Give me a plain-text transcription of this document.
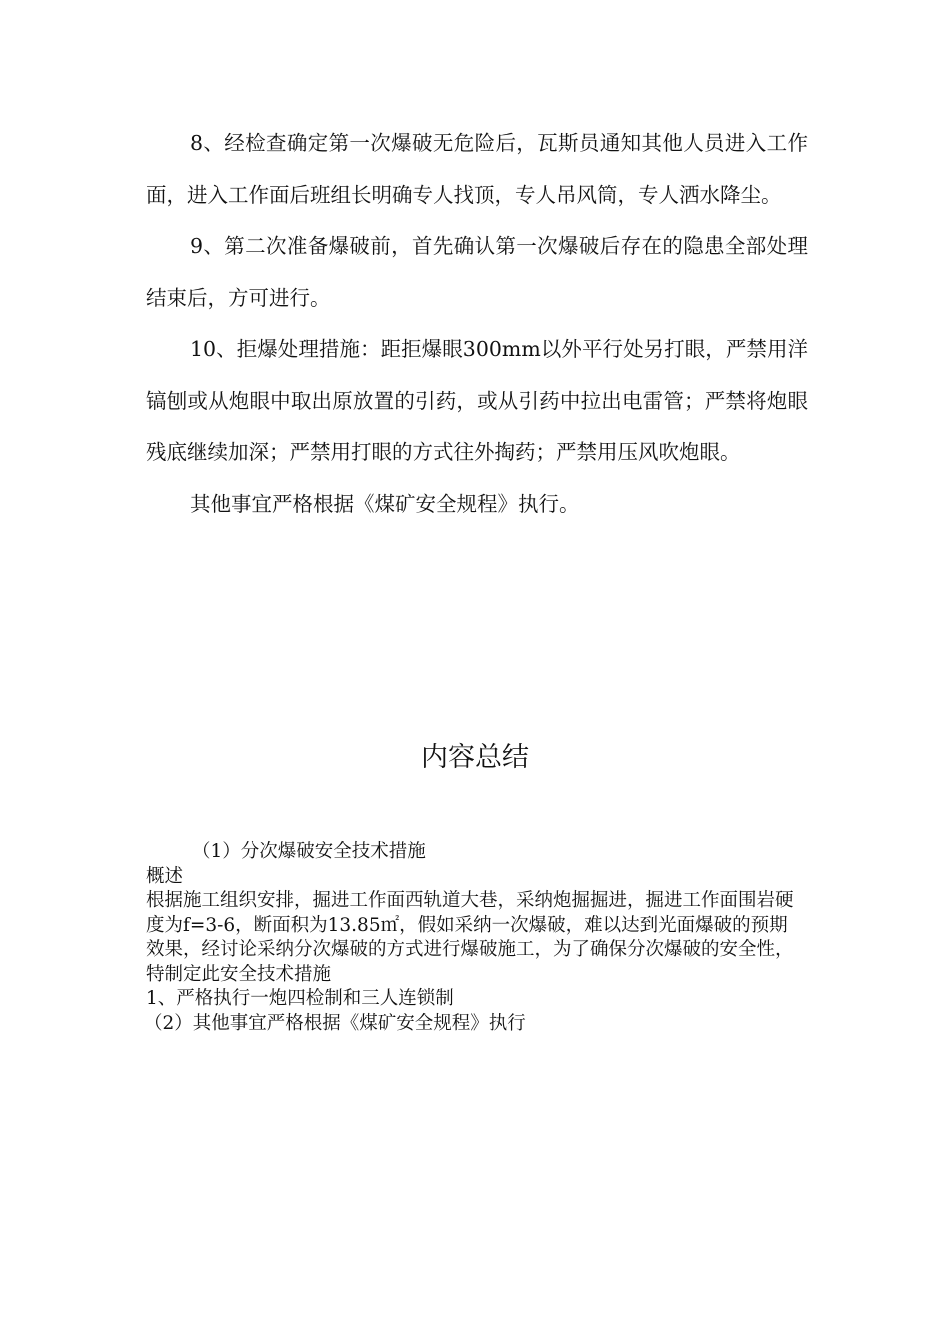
8、经检查确定第一次爆破无危险后，瓦斯员通知其他人员进入工作面，进入工作面后班组长明确专人找顶，专人吊风筒，专人洒水降尘。

9、第二次准备爆破前，首先确认第一次爆破后存在的隐患全部处理结束后，方可进行。

10、拒爆处理措施：距拒爆眼300mm以外平行处另打眼，严禁用洋镐刨或从炮眼中取出原放置的引药，或从引药中拉出电雷管；严禁将炮眼残底继续加深；严禁用打眼的方式往外掏药；严禁用压风吹炮眼。

其他事宜严格根据《煤矿安全规程》执行。

内容总结

（1）分次爆破安全技术措施

概述

根据施工组织安排，掘进工作面西轨道大巷，采纳炮掘掘进，掘进工作面围岩硬度为f=3-6，断面积为13.85㎡，假如采纳一次爆破，难以达到光面爆破的预期效果，经讨论采纳分次爆破的方式进行爆破施工，为了确保分次爆破的安全性，特制定此安全技术措施

1、严格执行一炮四检制和三人连锁制

（2）其他事宜严格根据《煤矿安全规程》执行
